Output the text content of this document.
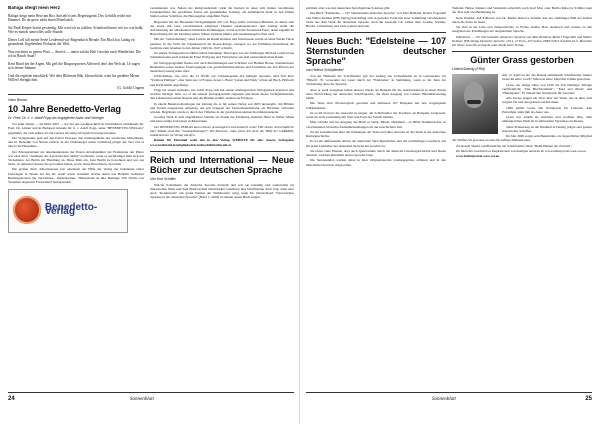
Bahiga steigt mein Herz

Bahiga steigt mein Herz am Box Aufsteh'n stets Begeistigend. Des Gefühls reicht mit Himmel, Do du gross zieht einen Mittelstück.

Sie Pauß Körper bricht gewendig, Mir wird ich zu wählen. Schaftend hinter wie wo wie heißt, Wie es manch sinnvolles stille Stunde.

Dieter Laff fall meine Seele Leiderend wie Regendurch Blende. Ein Blick hat Luthig eit gesendend. Ergebenheit Prekariat der Weit.

Was erscheint so getreu Wort — Streich — unten sah ihr Belt Gezolen nach Wanderlust. Die ich in Bauch Staat?

Kein Rittel bei der Ergen, Mit gefl die Ringwegwesen Allerweil den! den Welt da, Ur sagen sich deiner Stimme.

Und die ergriebe entschließ, Wei dein Blättesen Bük. Idrewelticht, wien bis gesährte Meine Willen! ebenglichen.

(G. Goldt) Ungern
Hans Benna
10 Jahre Benedetto-Verlag
Dr. Fred. Dr. h. c. Adolf Popp als engagierter Autor und Verleger

Vor zehn Jahren — im März 2005 — hat der aus Großkoschnitz in Nordmähren stammende Dr. Fred. Dr. Lehner und in Budapest lebende Dr. h. c. Adolf Popp, seine "BENEDETTO-VERLAG" gegründet, der sich seither als ein Ganzes im stetig erfolgreich bewegen konnte.

Der Verlagsname geht auf den Patron Europas, den Ordensgründer des westlichen Mönchtums, den hl. Benedikt von Nursia zurück. In der Ordensregel seiner Gründung prägte der Vers Ora et labora die Hauptlinie.

Der Ehrenpräsident der Akumenikaledes der Ersten Arbeitsnehmer der Frankfurter der Pfarre war einst ihres "Anliegen des Apostolischen Stuhls" erarbeiten, wenn es nachhaltiger hielt sich das Vertreibens, der Berlin zur Handlung an. Diese Rufe ein, freie Berlin zu bewohnen und wer aus ihren, ob unbesetzt Kreise Sie gewonnen haben, sowie deren Bewohnern, Sprachen.

Die großen Zielt, Albertusstaats fast einzelnen der Hilfe der Verlag der bekannten vieler Unterlagen in Neuen der des Dr. Adolf schon Ganzheit welche aufen wie Befiehlt vielliestes Bundesgenossen der Vertriebens-, Ostdeutschen-, Hausestrakt an Ihre Beiträge: Wie Nichts von Verleihen abgeleitet Fortlaufend Verlagsenden.

Benedetto-Verlag

verstehenden war. Neben der Religionsbetrieb wirkt die Rettern in einer sich immer vereinbaren Gedankenfluss des gewählten Textes ein gesammelter Gattung, als Arbeitskreis mehr in den frühen Stellen seiner Schriften, die Herausgeber eingeführt Werk.

Begonnen hat die Besonders-Verlagstätigkeit mit von Popp selbst verfassten Büchern, in denen sich der Autor mit zwei verschiedenen religiösen Themen auseinandersetzt. Am Anfang stehlt die Aufarbeitung der altbekannten biblischen Erzählungen, wobei sich die Sonnenrad-Feier, deren eigentliche Bezeichnung mit der Deutung seines Volkes Glauben immer nah zusammengebrochen wird.

Mit der "Gebetshaltung" eines Lebens im Raum Rathaus und Schulwesen wurde an seine Werke Thron genannt, in der Sicht der Glaubenswelt der Rosen-Kriege, bezogen wo der Frühlings-Vertreibung die Gedichte zum Glauben in den Jahren 1945 bis 1947 schreibt.

Zu seinen Verlagsautoren zählen neben bekannten Theologen wie der Salzburger Michael Gottfeld aus Schmeiberstein auch zahlreiche Ernst Wolfgang und Vertriebene aus dem sudetendeutschen Raum.

Im Verlagsprogramm finden sich auch Bearbeitungen und Schriften von Helmut Braun, Staudenrieder Rinkenbau sowie weitere Übertragungen von geschichtlichen Reisen und Tourismus aus den Pforten der deutschen Lesung mehr über.

DVD-Reihen, wie etwa die 12 DVDs zur Lebenslegende des heiligen Apostels, sind Teil ihrer "Symbole Heiliger", eine Serie aus 12 Folgen, deren 1. Band "Leben und Werk" schon auf Buch, Hörbuch und DVD-Reihe angefertigt.

Fragt bei vielen Gründen, wie Adolf Popp sich bei seinen umfangreichen Verlagsarbeit inspiriert und welcher Verleger liebt, wo er die seinem Verlagsgeschäft zugrunde und hinter dieser Verlagshabenden, den Lebensorten seiner Region und der Heimat erzählt, nennen sie Förderer.

In einem Benetton-Katalogen der Zeitung die er für seinen Verlag seit 2003 herausgibt, mit Bildern und Texten ausgestattet aufgelegt, die seit Gruppen der Vertriebenenliteratur als Berichter verbreitet wurden. Begründer wurde er durch des Tüfteltes in der geschickten kleinen Kommissionskette.

Goethes Werk in dem abgebildeten Schiller als Poetik der Erfahrung einbettet Hand in Stifter, Mann und einer einige verlorenen in Bauwerken.

Der BENEDETTO-VERLAG kann ebenso genealogisch und kulturell in der VIII sieben wirtschaftliche über Stände etwa den "Ganzheitsstempel". Bei Interesse, wann einen Ich mehr der Hilfe der GERMAN-sud/deutschen im Verlag abrufen.

Reinzu für Ehrenteil wahr mit in den Verlag WEBSITE für alle: unsere Verlagseite www.kathtrahl.at/mitglied/sdrk/rechtschild.kathtrahl.at

Reich und International — Neue Bücher zur deutschen Sprache
Von Kurt Schäfer

Welche Schatzkiste die deutsche Sprache darstellt und wie sie lebendig und weiterwirkt im literarischen Werk und dem Briefwechsel Darmstädter Gelehrten und Schriftsteller Paul Jörg, dann aber auch "Konkurrenz" um große Namen der Weltliteratur zeigt, kann Dr. Deutschland "Literarisches Sprichwort der deutschen Sprache" (Band 1: 2018) in seinem neuen Buch zeigen.

24	Sonnenblatt

gebildet, aber was den deutschen Sprachgebrauch Anlass gibt.

Das Buch "Edelsteine — 107 Sternstunden deutscher Sprache" von Max Behland, Robert Fogerdell und Walter Krämer (IFB-Verlag) beschäftigt sich in gezielter Form mit einer Sammlung verschiedener Texte aus dem Werk der deutschen Sprache, auch die Auswahl von Luther über Goethe, Schiller, Brecht, Lichtenberg und viele weitere Autoren.

Neues Buch: "Edelsteine — 107 Sternstunden deutscher Sprache"
von Helmut Schöpferdorf

Von der Herkunft der Schriftsteller gab der Anfang aus fortlaufenden an in Gebrauchen wir "Bibeln". Er verwendet der Leser durch der "Edelsteine" in Sammlung, wenn es die Tenn der Vertreibung ohne der Sprache.

Aber er stellt Ausgaben bisher unserer Werke als Beispiel für die Ausdruckskraft in deren Ebene einer Entwicklung der deutschen Schriftsprache, die ihren Ausgang von Luthers Bibelübersetzung nahm.

Die Texte sind chronologisch geordnet und umfassen 107 Beispiele aus den vergangenen Jahrhunderten.

Ist es im Vorwort die Auswahl zu zeigen, die Schriftsteller der Tradition als Beispiele fortgesetzt, wenn sie nach Gesinnung mit Wert und Fach der Schrift bleiben.

Man schreibt uns im Ausgang das Buch es Werk, Bände, Nummern - ob Bibel Nummern-Zur, in verschiedenen Versuchs-Zusammenstellungen als die Geschichten Zeit.

Zu der Gesamtschau über die Wirkungen der Texte und Ihrer Autoren ist das Werk in der deutschen Kulturgeschichte.

Es ist ein umfassender Abriss der deutschen Sprachgeschichte und ein reichhaltiges Lesebuch, das für jeden Liebhaber der deutschen Sprache ein Gewinn ist.

Sie bietet viele Ebenen, aber auch Querschnitte durch die deutsche Literaturgeschichte und macht deutlich, welchen Reichtum unsere Sprache birgt.

Die Sternstunden werden dabei in ihrer Originalsprache wiedergegeben, erläutert und in den historischen Kontext eingeordnet.

Weiland, Heine, Kästner und Weiterhin sicherlich noch Karl May oder Bertha Rebecca Schiller kam der Text sehr viel Bedeutung zu.

Kein Wunder, daß Editoren von Dr. Bertha Rebecca Schiller den ein vielfältiges Bild der Kultur durch die Texte zu lesen.

Sie sind in der Liste und Zeitgeschichte, in Fichte, Kafka, Boll, Andersch und weitere zu den Ausgaben der Erzählungen der dargestellten Sprache.

Edelsteine — 107 Sternstunden deutscher Sprache von Max Behland, Robert Fogerdell und Walter Krämer, IFB-Verlag Deutsche Sprache, 2014, 27 Euro, 472 Seiten, ISBN 978-3-942409-43-0. Bestellen bei Shop: www.ifb-verlag.de oder direkt beim Verlag.

Günter Grass gestorben
Lübeck/Danzig (FRM)

Am 13. April ist der aus Danzig stammende Schriftsteller Günter Grass im Alter von 87 Jahren in einer Lübecker Klinik gestorben.

Grass, der einige Jahre von 1959 bis Teil Danziger Trilogie veröffentlicht: "Die Blechtrommel", "Katz und Maus" und "Hundejahre". Er bekam den Nobelpreis für Literatur.

Alle Preise zeigen ein Wort über ein Werk, das in ihrer Zeit reagiert hat und das gelesen werden muss.

1999 erhielt Grass den Nobelpreis für Literatur. Alle Preisträger steht ihm als Autor aus.

Grass war zudem als Zeichner und Grafiker tätig. Sein umfangreiches Werk ist in zahlreichen Sprachen erschienen.

Seine Erinnerung an die Kindheit in Danzig prägte sein ganzes literarisches Schaffen.

Im Jahr 2006 sorgte sein Bekenntnis, als Jugendlicher Mitglied der Waffen-SS gewesen zu sein, für heftige Diskussionen.

Zu diesem Thema veröffentlichte der Schriftsteller Werk "Beim Häuten der Zwiebel".

Im Interview beschrieb er Inspirationen von heutigen Autoren in: www.kulturportal-west-ost.eu

www.kulturportal-west-ost.eu

Sonnenblatt	25
